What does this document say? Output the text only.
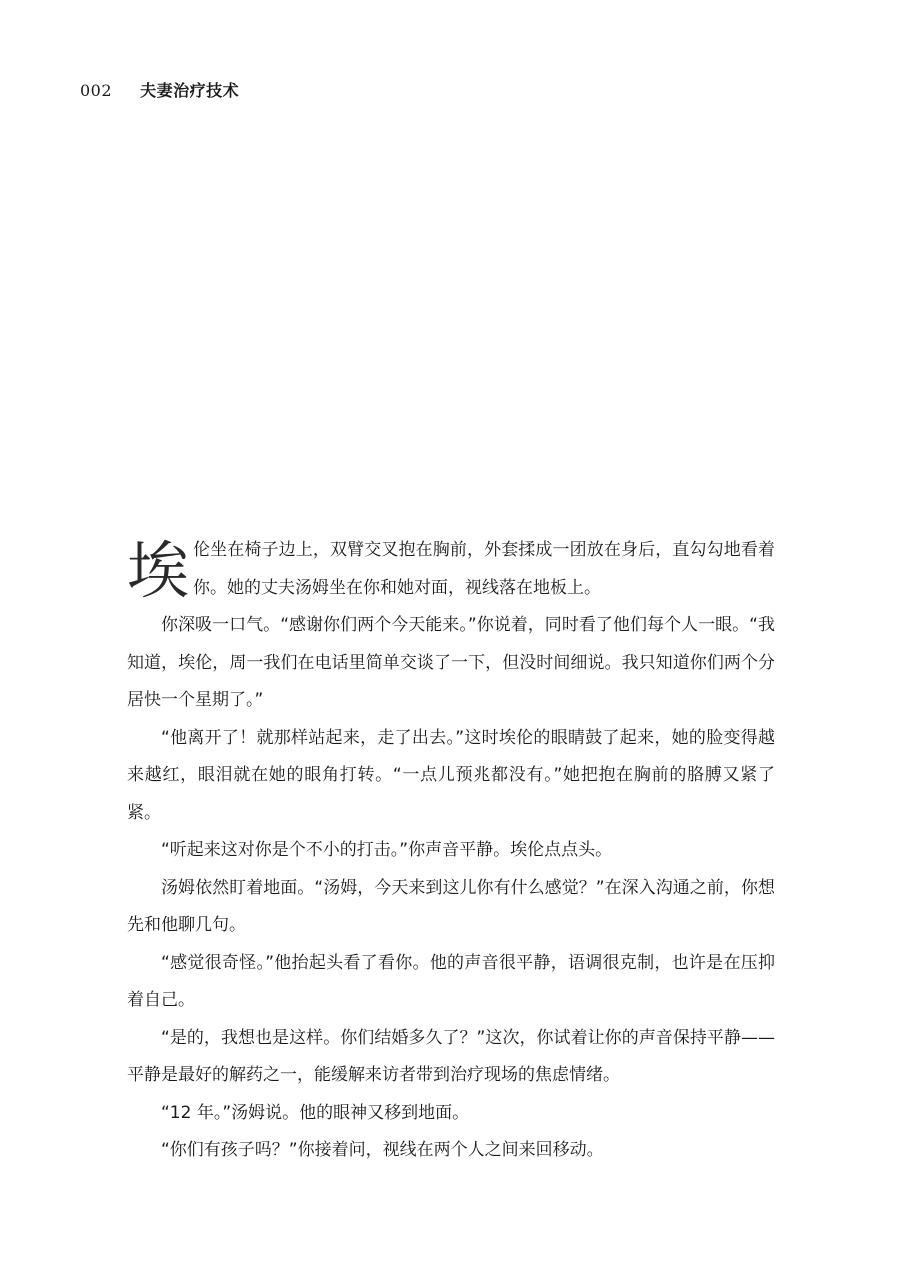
002 夫妻治疗技术

埃伦坐在椅子边上，双臂交叉抱在胸前，外套揉成一团放在身后，直勾勾地看着你。她的丈夫汤姆坐在你和她对面，视线落在地板上。

你深吸一口气。“感谢你们两个今天能来。”你说着，同时看了他们每个人一眼。“我知道，埃伦，周一我们在电话里简单交谈了一下，但没时间细说。我只知道你们两个分居快一个星期了。”

“他离开了！就那样站起来，走了出去。”这时埃伦的眼睛鼓了起来，她的脸变得越来越红，眼泪就在她的眼角打转。“一点儿预兆都没有。”她把抱在胸前的胳膊又紧了紧。

“听起来这对你是个不小的打击。”你声音平静。埃伦点点头。

汤姆依然盯着地面。“汤姆，今天来到这儿你有什么感觉？”在深入沟通之前，你想先和他聊几句。

“感觉很奇怪。”他抬起头看了看你。他的声音很平静，语调很克制，也许是在压抑着自己。

“是的，我想也是这样。你们结婚多久了？”这次，你试着让你的声音保持平静——平静是最好的解药之一，能缓解来访者带到治疗现场的焦虑情绪。

“12 年。”汤姆说。他的眼神又移到地面。

“你们有孩子吗？”你接着问，视线在两个人之间来回移动。
